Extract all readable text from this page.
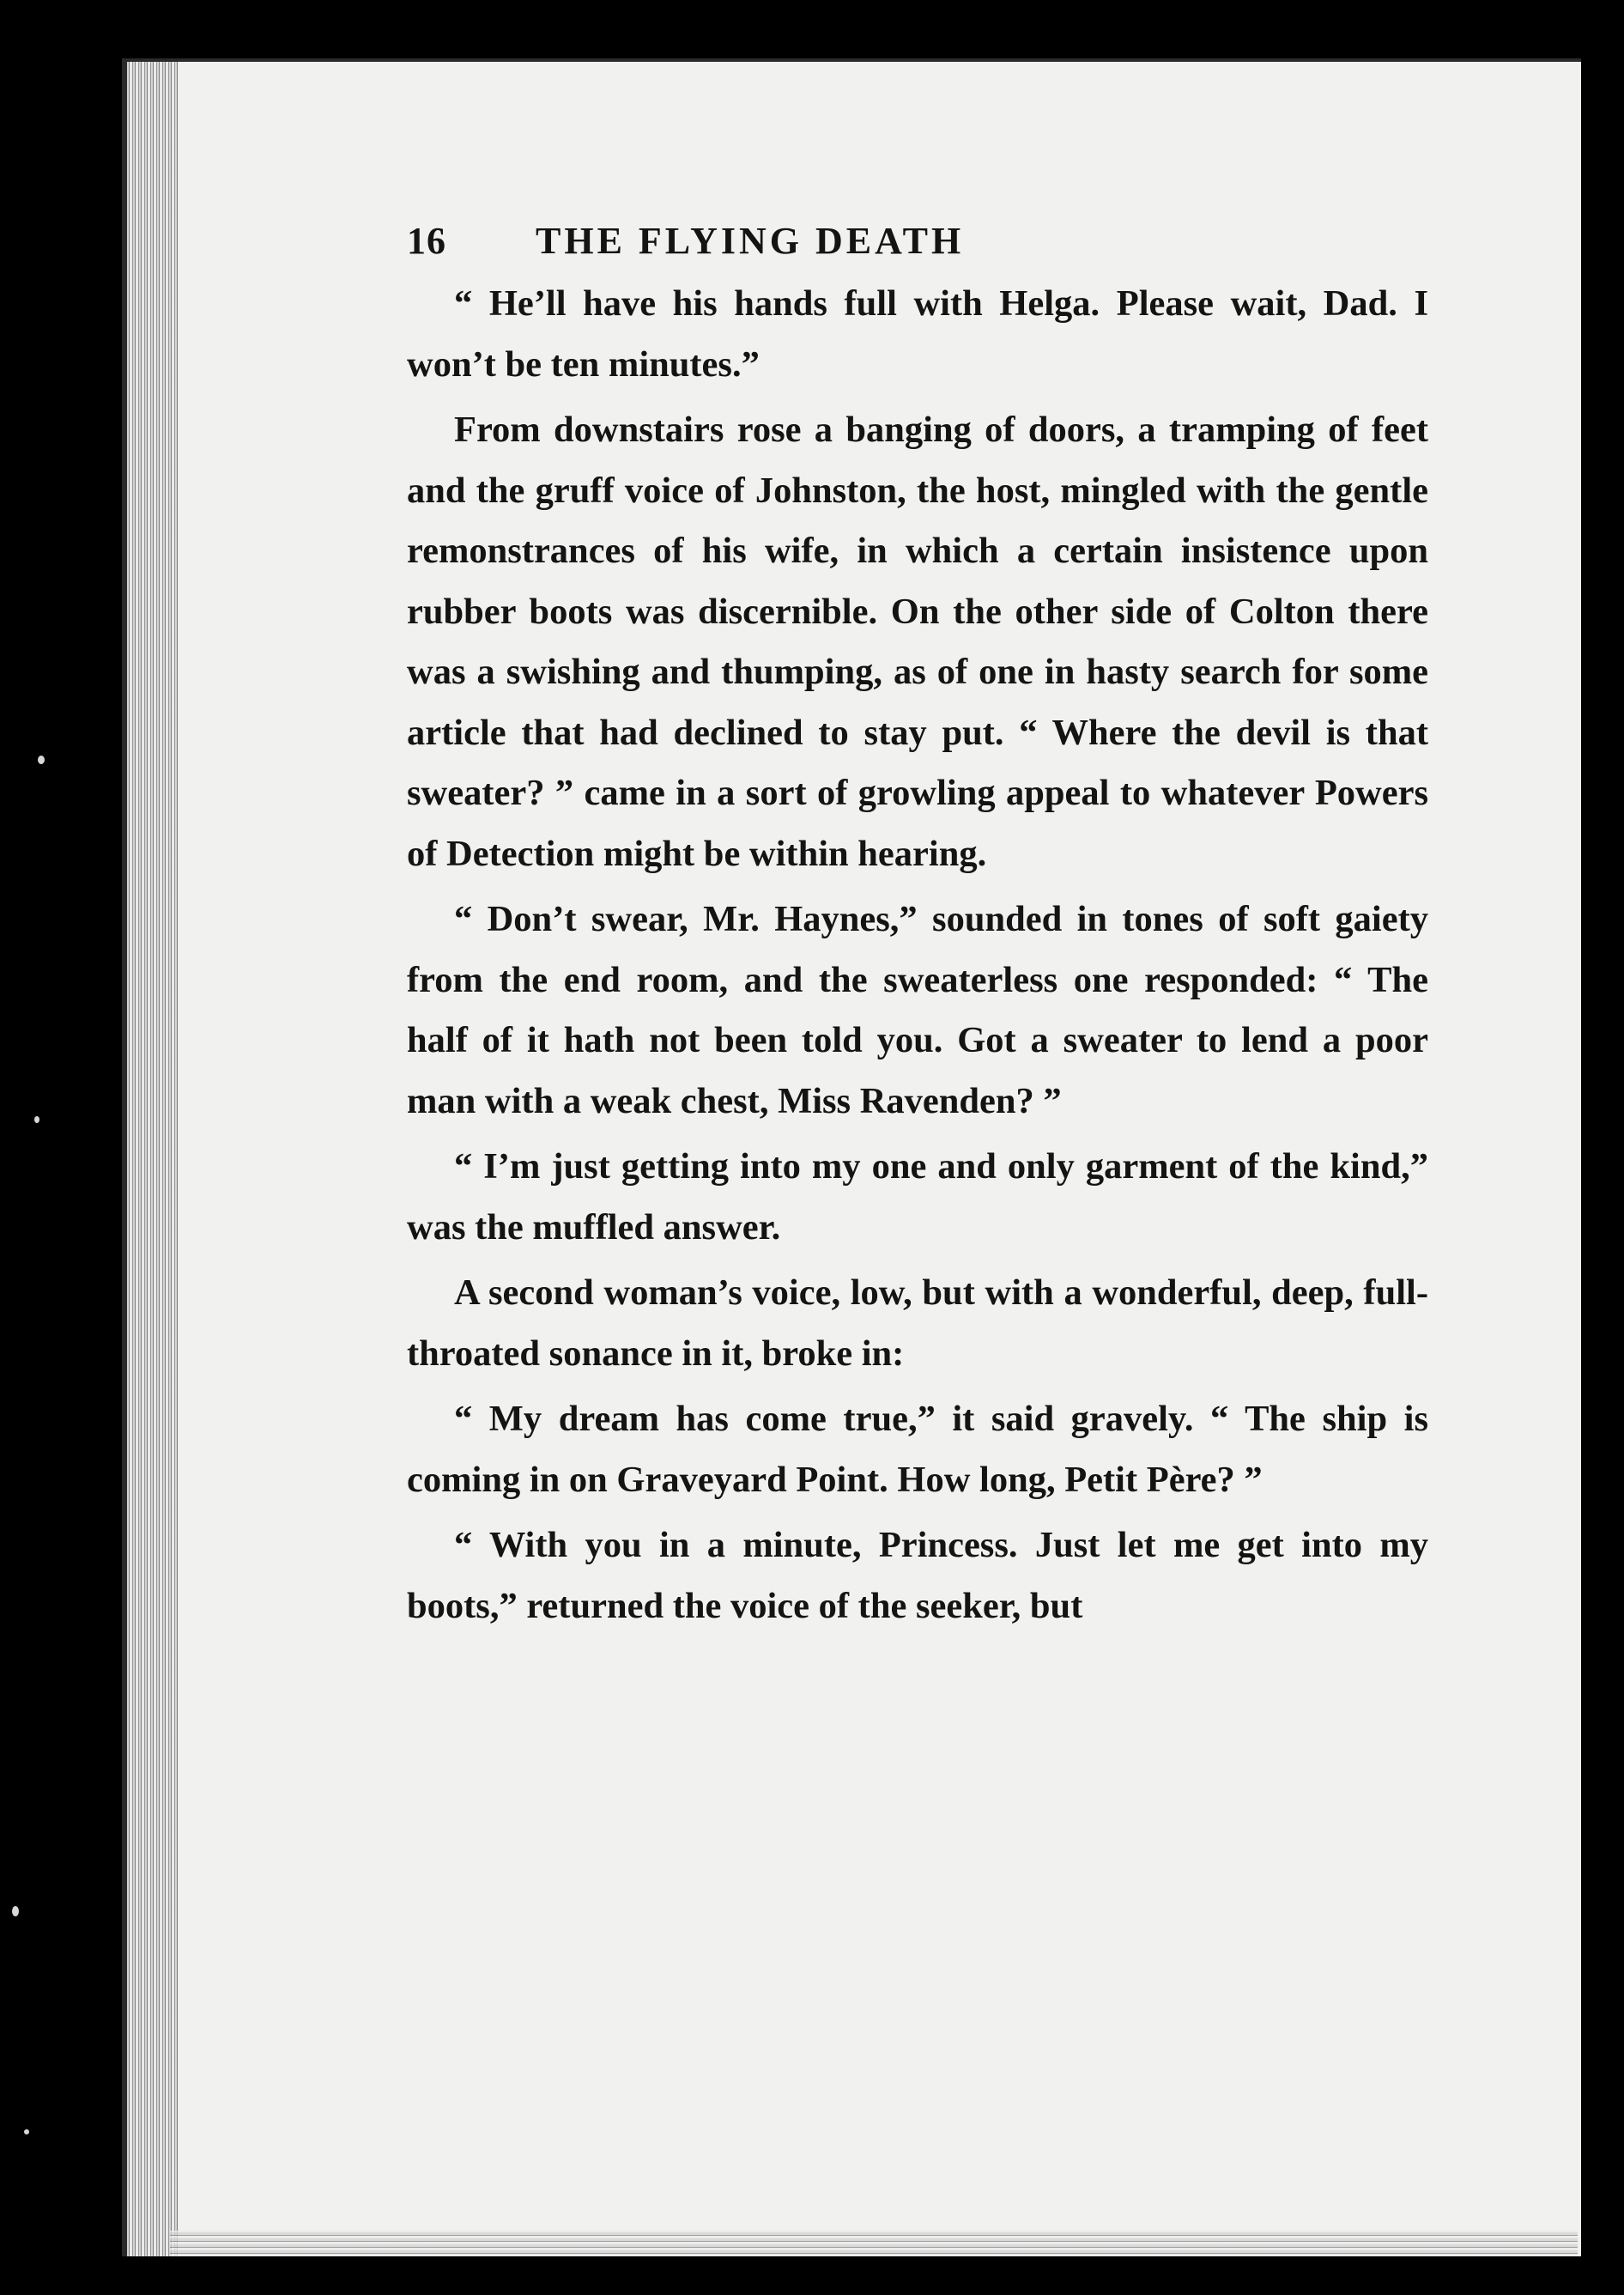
16	THE FLYING DEATH

“ He’ll have his hands full with Helga. Please wait, Dad. I won’t be ten minutes.”

From downstairs rose a banging of doors, a tramping of feet and the gruff voice of Johnston, the host, mingled with the gentle remonstrances of his wife, in which a certain insistence upon rubber boots was discernible. On the other side of Colton there was a swishing and thumping, as of one in hasty search for some article that had declined to stay put. “ Where the devil is that sweater? ” came in a sort of growling appeal to whatever Powers of Detection might be within hearing.

“ Don’t swear, Mr. Haynes,” sounded in tones of soft gaiety from the end room, and the sweaterless one responded: “ The half of it hath not been told you. Got a sweater to lend a poor man with a weak chest, Miss Ravenden? ”

“ I’m just getting into my one and only garment of the kind,” was the muffled answer.

A second woman’s voice, low, but with a wonderful, deep, full-throated sonance in it, broke in:

“ My dream has come true,” it said gravely. “ The ship is coming in on Graveyard Point. How long, Petit Père? ”

“ With you in a minute, Princess. Just let me get into my boots,” returned the voice of the seeker, but
